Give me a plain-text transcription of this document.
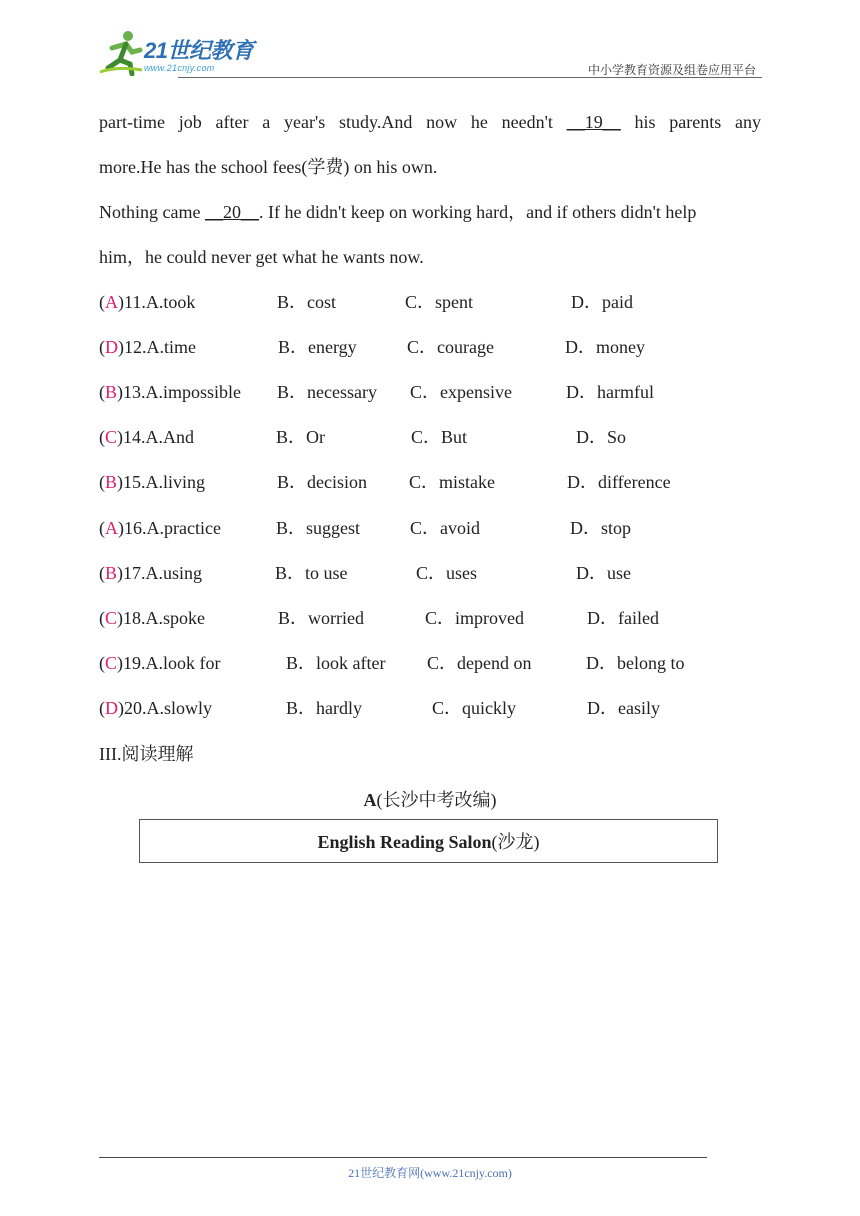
21世纪教育
www.21cnjy.com	中小学教育资源及组卷应用平台
part-time job after a year's study.And now he needn't __19__ his parents any
more.He has the school fees(学费) on his own.
Nothing came __20__. If he didn't keep on working hard，and if others didn't help
him，he could never get what he wants now.
(A)11.A.took	B．cost	C．spent	D．paid
(D)12.A.time	B．energy	C．courage	D．money
(B)13.A.impossible B．necessary C．expensive	D．harmful
(C)14.A.And	B．Or	C．But	D．So
(B)15.A.living	B．decision C．mistake	D．difference
(A)16.A.practice	B．suggest	C．avoid	D．stop
(B)17.A.using	B．to use	C．uses	D．use
(C)18.A.spoke	B．worried	C．improved	D．failed
(C)19.A.look for	B．look after C．depend on	D．belong to
(D)20.A.slowly	B．hardly	C．quickly	D．easily
III.阅读理解
A(长沙中考改编)
English Reading Salon(沙龙)
21世纪教育网(www.21cnjy.com)
